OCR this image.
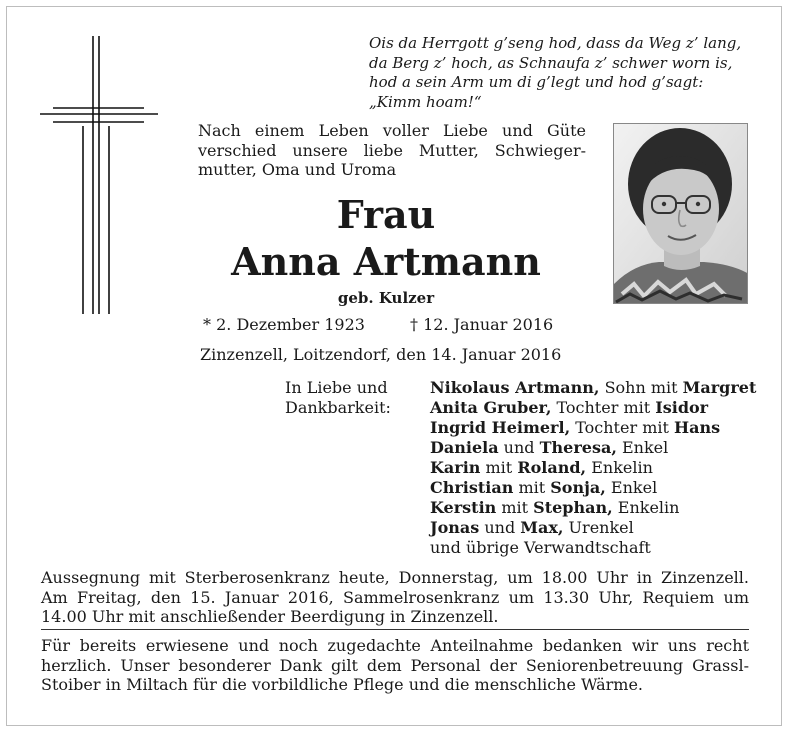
Ois da Herrgott g’seng hod, dass da Weg z’ lang,
da Berg z’ hoch, as Schnaufa z’ schwer worn is,
hod a sein Arm um di g’legt und hod g’sagt:
„Kimm hoam!“
Nach einem Leben voller Liebe und Güte
verschied unsere liebe Mutter, Schwieger-
mutter, Oma und Uroma
Frau
Anna Artmann
geb. Kulzer
* 2. Dezember 1923	† 12. Januar 2016
Zinzenzell, Loitzendorf, den 14. Januar 2016
In Liebe und
Dankbarkeit:
Nikolaus Artmann, Sohn mit Margret
Anita Gruber, Tochter mit Isidor
Ingrid Heimerl, Tochter mit Hans
Daniela und Theresa, Enkel
Karin mit Roland, Enkelin
Christian mit Sonja, Enkel
Kerstin mit Stephan, Enkelin
Jonas und Max, Urenkel
und übrige Verwandtschaft
Aussegnung mit Sterberosenkranz heute, Donnerstag, um 18.00 Uhr in Zinzenzell.
Am Freitag, den 15. Januar 2016, Sammelrosenkranz um 13.30 Uhr, Requiem um
14.00 Uhr mit anschließender Beerdigung in Zinzenzell.
Für bereits erwiesene und noch zugedachte Anteilnahme bedanken wir uns recht
herzlich. Unser besonderer Dank gilt dem Personal der Seniorenbetreuung Grassl-
Stoiber in Miltach für die vorbildliche Pflege und die menschliche Wärme.
